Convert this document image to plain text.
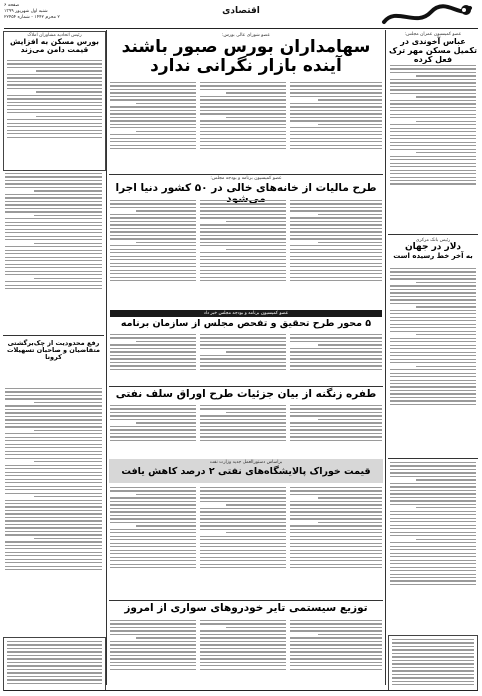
صفحه ۶
شنبه اول شهریور ۱۳۹۹
۲ محرم ۱۴۴۲ - شماره ۲۲۴۵۴
اقتصادی
عضو کمیسیون عمران مجلس:
عباس آخوندی در تکمیل مسکن مهر ترک فعل کرده
رئیس بانک مرکزی
دلار در جهان
به آخر خط رسیده است
عضو شورای عالی بورس:
سهامداران بورس صبور باشند
آینده بازار نگرانی ندارد
رئیس اتحادیه مشاوران املاک
بورس مسکن به افزایش قیمت دامن می‌زند
رفع محدودیت از چک‌برگشتی متقاضیان و صاحبان تسهیلات کرونا
عضو کمیسیون برنامه و بودجه مجلس:
طرح مالیات از خانه‌های خالی در ۵۰ کشور دنیا اجرا
عضو کمیسیون برنامه و بودجه مجلس خبر داد
۵ محور طرح تحقیق و تفحص مجلس از سازمان برنامه
طفره زنگنه از بیان جزئیات طرح اوراق سلف نفتی
براساس دستورالعمل جدید وزارت نفت
قیمت خوراک پالایشگاه‌های نفتی ۲ درصد کاهش یافت
توزیع سیستمی تایر خودروهای سواری از امروز
